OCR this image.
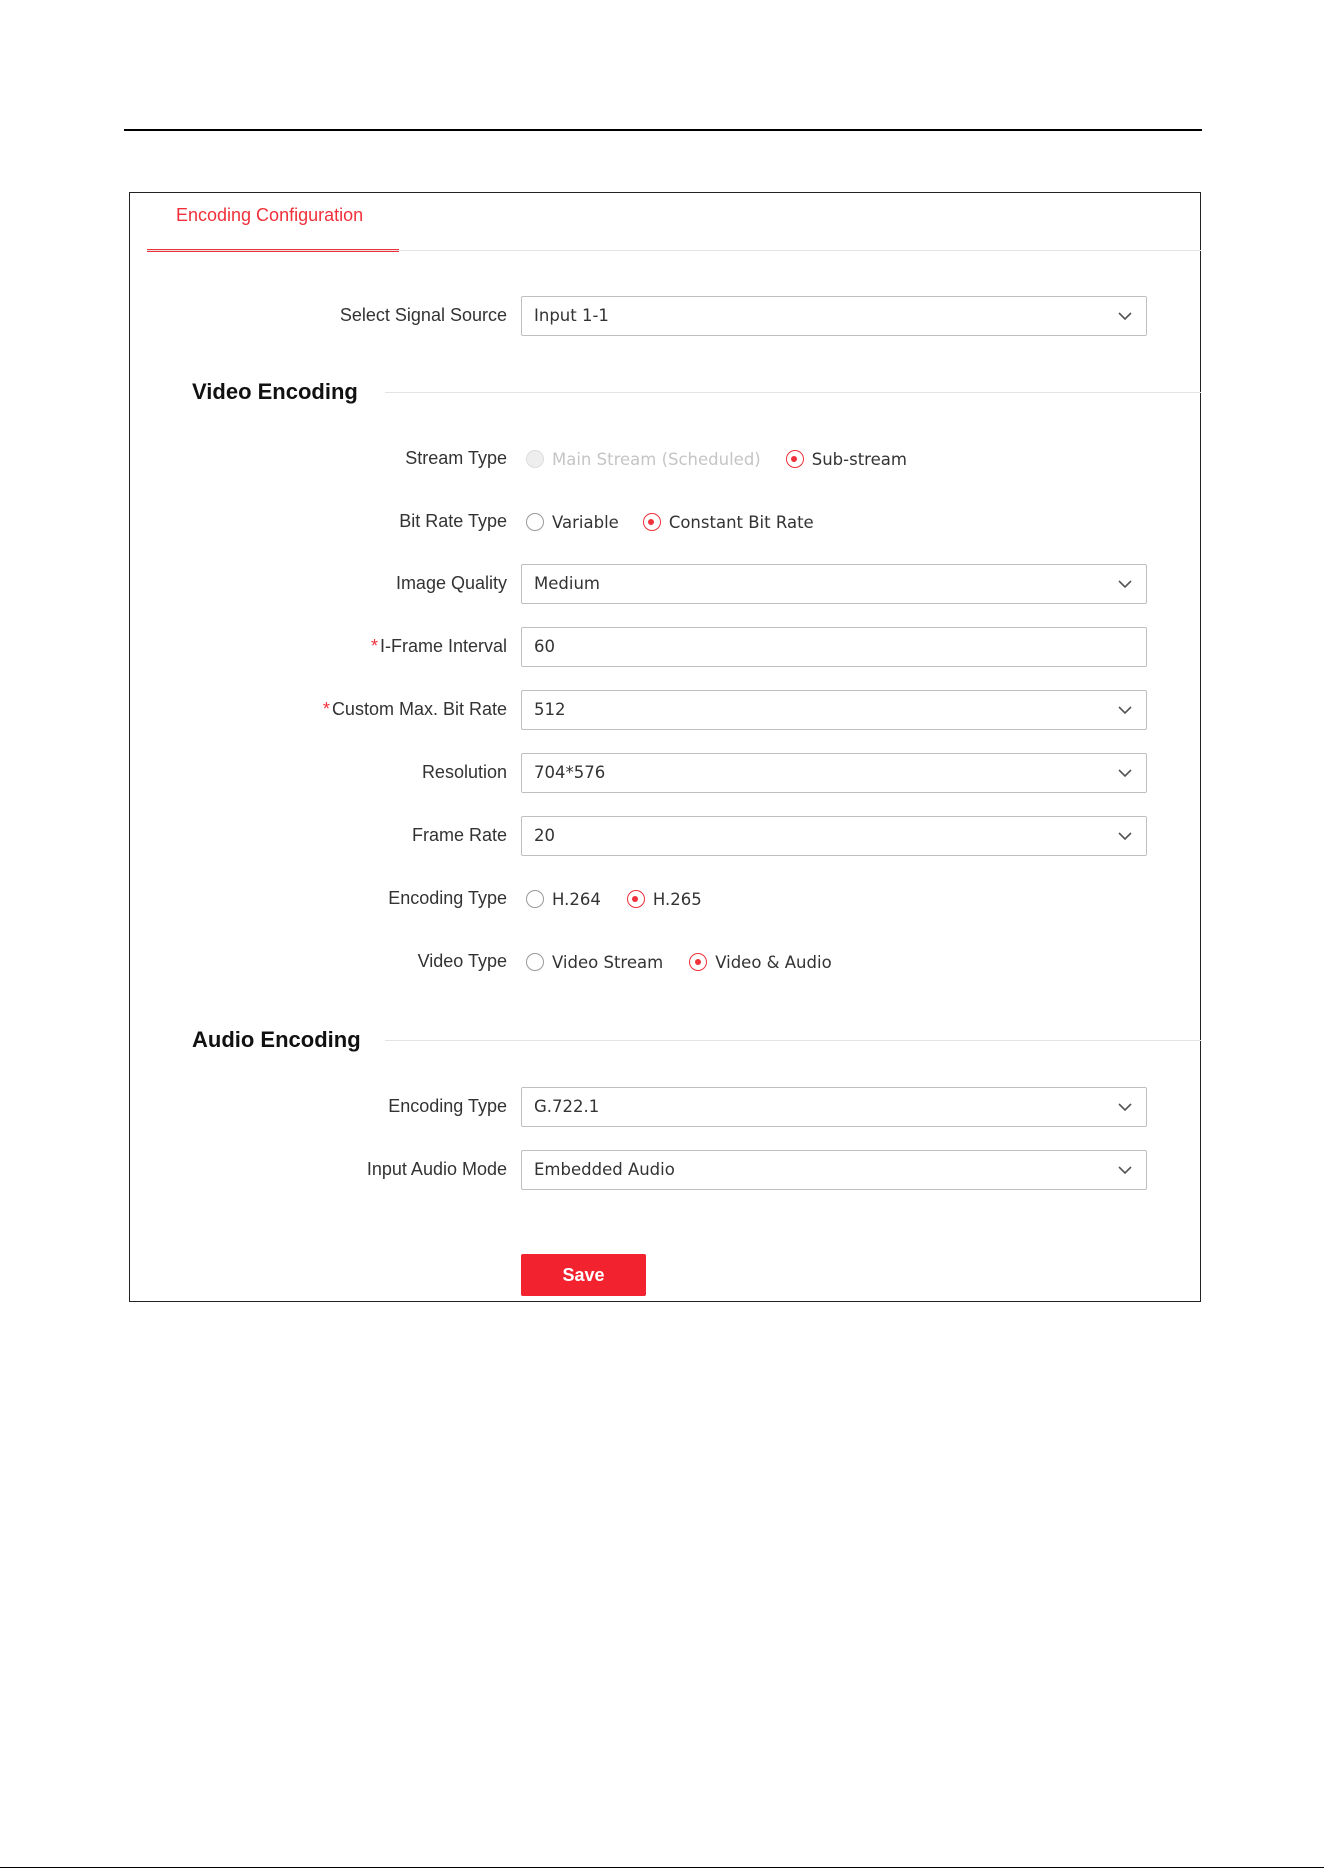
Encoding Configuration
Select Signal Source Input 1-1
Video Encoding
Stream Type	Main Stream (Scheduled)	Sub-stream
Bit Rate Type	Variable	Constant Bit Rate
Image Quality Medium
* I-Frame Interval 60
* Custom Max. Bit Rate 512
Resolution 704*576
Frame Rate 20
Encoding Type	H.264	H.265
Video Type	Video Stream	Video & Audio
Audio Encoding
Encoding Type G.722.1
Input Audio Mode Embedded Audio
Save
